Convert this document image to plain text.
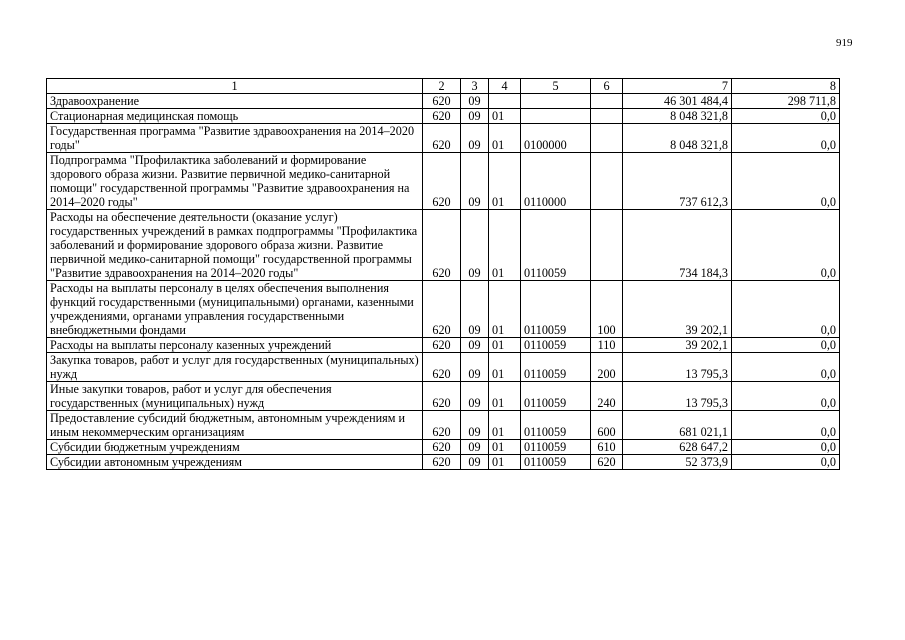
919
1	2	3	4	5	6	7	8
Здравоохранение	620	09				46 301 484,4	298 711,8
Стационарная медицинская помощь	620	09	01			8 048 321,8	0,0
Государственная программа "Развитие здравоохранения на 2014–2020 годы"	620	09	01	0100000		8 048 321,8	0,0
Подпрограмма "Профилактика заболеваний и формирование здорового образа жизни. Развитие первичной медико-санитарной помощи" государственной программы "Развитие здравоохранения на 2014–2020 годы"	620	09	01	0110000		737 612,3	0,0
Расходы на обеспечение деятельности (оказание услуг) государственных учреждений в рамках подпрограммы "Профилактика заболеваний и формирование здорового образа жизни. Развитие первичной медико-санитарной помощи" государственной программы "Развитие здравоохранения на 2014–2020 годы"	620	09	01	0110059		734 184,3	0,0
Расходы на выплаты персоналу в целях обеспечения выполнения функций государственными (муниципальными) органами, казенными учреждениями, органами управления государственными внебюджетными фондами	620	09	01	0110059	100	39 202,1	0,0
Расходы на выплаты персоналу казенных учреждений	620	09	01	0110059	110	39 202,1	0,0
Закупка товаров, работ и услуг для государственных (муниципальных) нужд	620	09	01	0110059	200	13 795,3	0,0
Иные закупки товаров, работ и услуг для обеспечения государственных (муниципальных) нужд	620	09	01	0110059	240	13 795,3	0,0
Предоставление субсидий бюджетным, автономным учреждениям и иным некоммерческим организациям	620	09	01	0110059	600	681 021,1	0,0
Субсидии бюджетным учреждениям	620	09	01	0110059	610	628 647,2	0,0
Субсидии автономным учреждениям	620	09	01	0110059	620	52 373,9	0,0
